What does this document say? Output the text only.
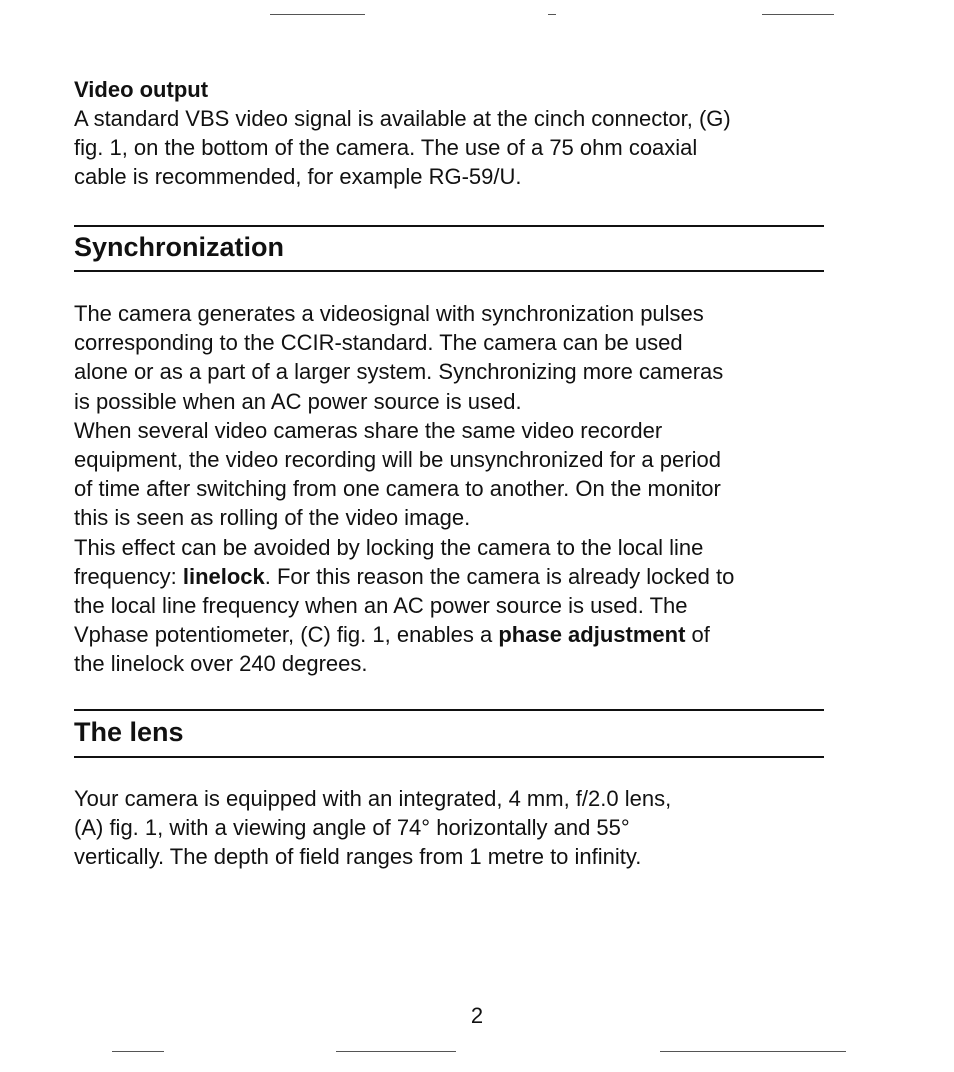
Video output

A standard VBS video signal is available at the cinch connector, (G)
fig. 1, on the bottom of the camera. The use of a 75 ohm coaxial
cable is recommended, for example RG-59/U.

Synchronization

The camera generates a videosignal with synchronization pulses
corresponding to the CCIR-standard. The camera can be used
alone or as a part of a larger system. Synchronizing more cameras
is possible when an AC power source is used.

When several video cameras share the same video recorder
equipment, the video recording will be unsynchronized for a period
of time after switching from one camera to another. On the monitor
this is seen as rolling of the video image.

This effect can be avoided by locking the camera to the local line
frequency: linelock. For this reason the camera is already locked to
the local line frequency when an AC power source is used. The
Vphase potentiometer, (C) fig. 1, enables a phase adjustment of
the linelock over 240 degrees.

The lens

Your camera is equipped with an integrated, 4 mm, f/2.0 lens,
(A) fig. 1, with a viewing angle of 74° horizontally and 55°
vertically. The depth of field ranges from 1 metre to infinity.

2
